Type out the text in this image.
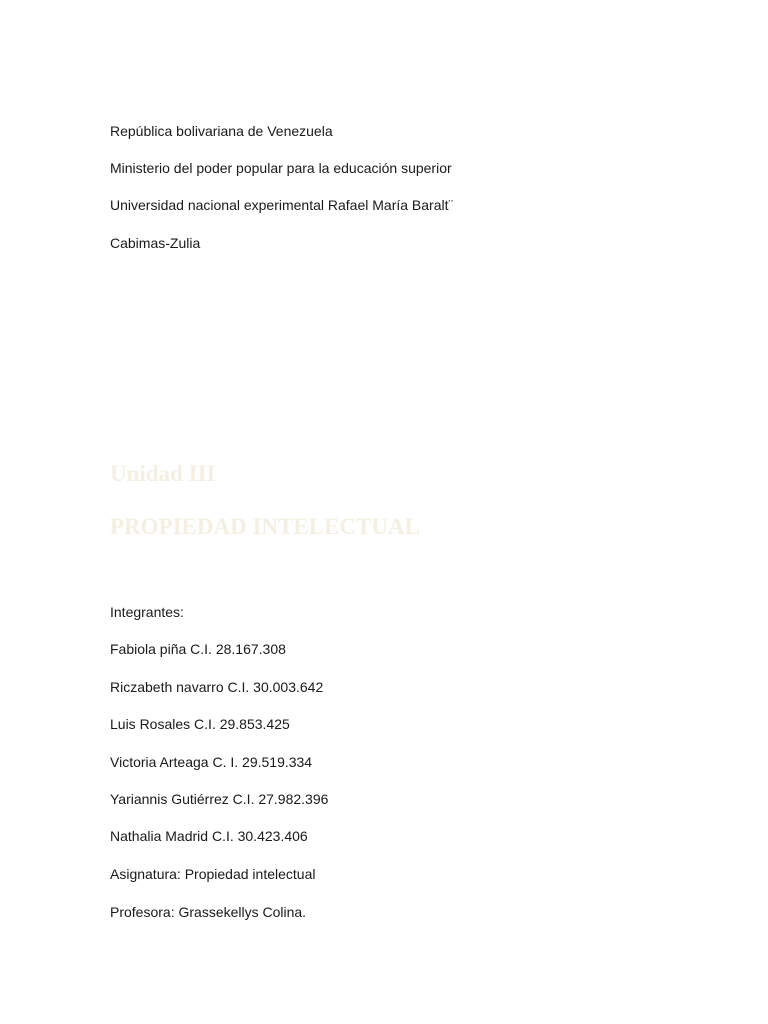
República bolivariana de Venezuela
Ministerio del poder popular para la educación superior
Universidad nacional experimental Rafael María Baralt¨
Cabimas-Zulia
Unidad III
PROPIEDAD INTELECTUAL
Integrantes:
Fabiola piña C.I. 28.167.308
Riczabeth navarro C.I. 30.003.642
Luis Rosales C.I. 29.853.425
Victoria Arteaga C. I. 29.519.334
Yariannis Gutiérrez C.I. 27.982.396
Nathalia Madrid C.I. 30.423.406
Asignatura: Propiedad intelectual
Profesora: Grassekellys Colina.
